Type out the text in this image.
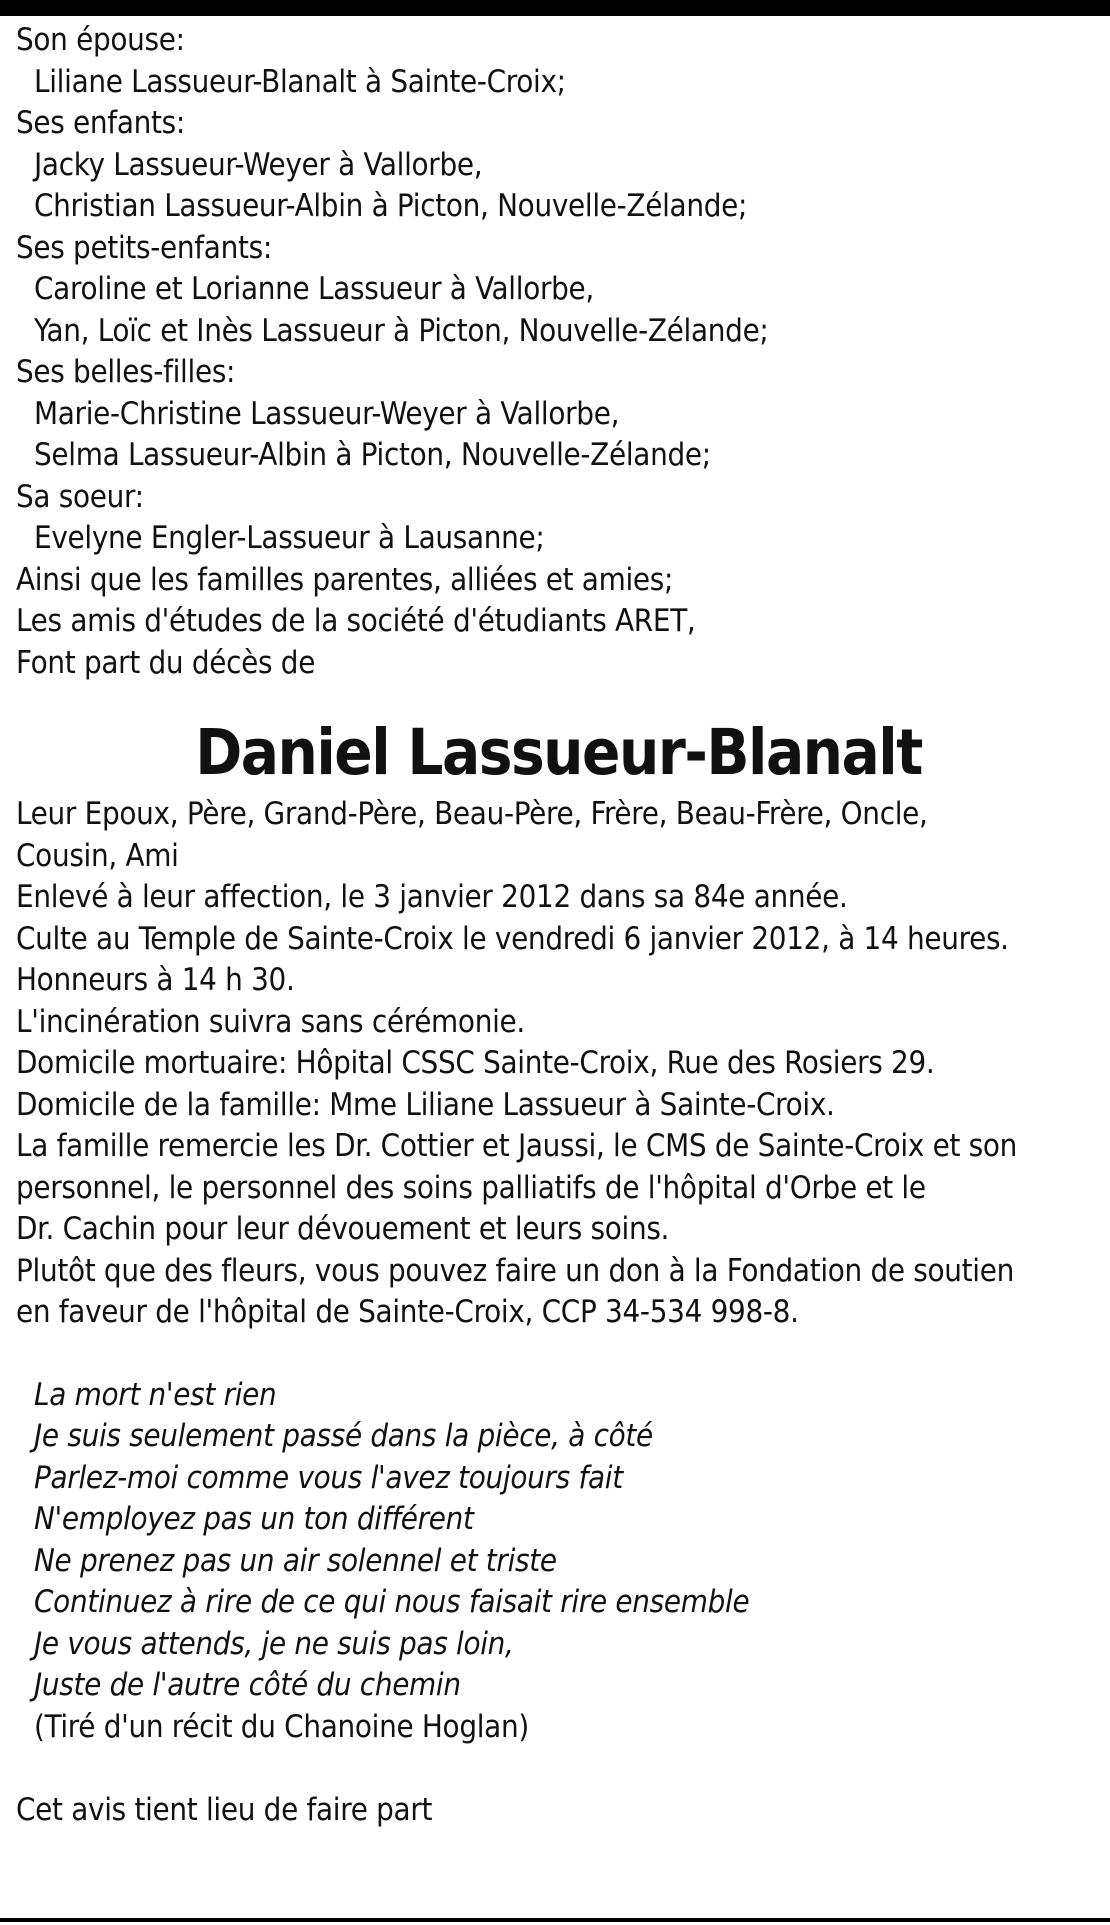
Son épouse:
Liliane Lassueur-Blanalt à Sainte-Croix;
Ses enfants:
Jacky Lassueur-Weyer à Vallorbe,
Christian Lassueur-Albin à Picton, Nouvelle-Zélande;
Ses petits-enfants:
Caroline et Lorianne Lassueur à Vallorbe,
Yan, Loïc et Inès Lassueur à Picton, Nouvelle-Zélande;
Ses belles-filles:
Marie-Christine Lassueur-Weyer à Vallorbe,
Selma Lassueur-Albin à Picton, Nouvelle-Zélande;
Sa soeur:
Evelyne Engler-Lassueur à Lausanne;
Ainsi que les familles parentes, alliées et amies;
Les amis d'études de la société d'étudiants ARET,
Font part du décès de
Daniel Lassueur-Blanalt
Leur Epoux, Père, Grand-Père, Beau-Père, Frère, Beau-Frère, Oncle,
Cousin, Ami
Enlevé à leur affection, le 3 janvier 2012 dans sa 84e année.
Culte au Temple de Sainte-Croix le vendredi 6 janvier 2012, à 14 heures.
Honneurs à 14 h 30.
L'incinération suivra sans cérémonie.
Domicile mortuaire: Hôpital CSSC Sainte-Croix, Rue des Rosiers 29.
Domicile de la famille: Mme Liliane Lassueur à Sainte-Croix.
La famille remercie les Dr. Cottier et Jaussi, le CMS de Sainte-Croix et son
personnel, le personnel des soins palliatifs de l'hôpital d'Orbe et le
Dr. Cachin pour leur dévouement et leurs soins.
Plutôt que des fleurs, vous pouvez faire un don à la Fondation de soutien
en faveur de l'hôpital de Sainte-Croix, CCP 34-534 998-8.
La mort n'est rien
Je suis seulement passé dans la pièce, à côté
Parlez-moi comme vous l'avez toujours fait
N'employez pas un ton différent
Ne prenez pas un air solennel et triste
Continuez à rire de ce qui nous faisait rire ensemble
Je vous attends, je ne suis pas loin,
Juste de l'autre côté du chemin
(Tiré d'un récit du Chanoine Hoglan)
Cet avis tient lieu de faire part
